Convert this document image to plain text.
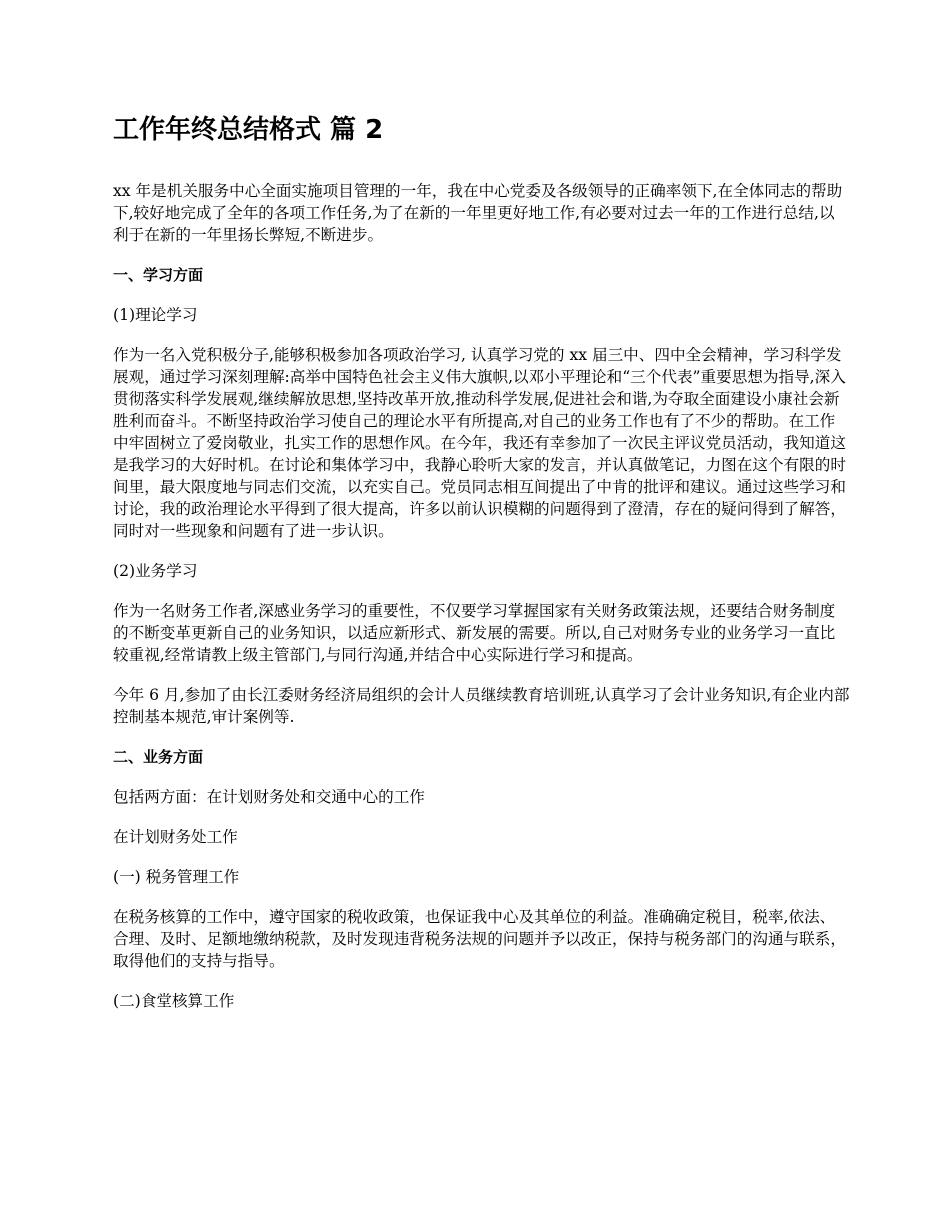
工作年终总结格式 篇 2

xx 年是机关服务中心全面实施项目管理的一年，我在中心党委及各级领导的正确率领下,在全体同志的帮助下,较好地完成了全年的各项工作任务,为了在新的一年里更好地工作,有必要对过去一年的工作进行总结,以利于在新的一年里扬长弊短,不断进步。

一、学习方面

(1)理论学习

作为一名入党积极分子,能够积极参加各项政治学习, 认真学习党的 xx 届三中、四中全会精神，学习科学发展观，通过学习深刻理解:高举中国特色社会主义伟大旗帜,以邓小平理论和“三个代表”重要思想为指导,深入贯彻落实科学发展观,继续解放思想,坚持改革开放,推动科学发展,促进社会和谐,为夺取全面建设小康社会新胜利而奋斗。不断坚持政治学习使自己的理论水平有所提高,对自己的业务工作也有了不少的帮助。在工作中牢固树立了爱岗敬业，扎实工作的思想作风。在今年，我还有幸参加了一次民主评议党员活动，我知道这是我学习的大好时机。在讨论和集体学习中，我静心聆听大家的发言，并认真做笔记，力图在这个有限的时间里，最大限度地与同志们交流，以充实自己。党员同志相互间提出了中肯的批评和建议。通过这些学习和讨论，我的政治理论水平得到了很大提高，许多以前认识模糊的问题得到了澄清，存在的疑问得到了解答，同时对一些现象和问题有了进一步认识。

(2)业务学习

作为一名财务工作者,深感业务学习的重要性，不仅要学习掌握国家有关财务政策法规，还要结合财务制度的不断变革更新自己的业务知识，以适应新形式、新发展的需要。所以,自己对财务专业的业务学习一直比较重视,经常请教上级主管部门,与同行沟通,并结合中心实际进行学习和提高。

今年 6 月,参加了由长江委财务经济局组织的会计人员继续教育培训班,认真学习了会计业务知识,有企业内部控制基本规范,审计案例等.

二、业务方面

包括两方面：在计划财务处和交通中心的工作

在计划财务处工作

(一) 税务管理工作

在税务核算的工作中，遵守国家的税收政策，也保证我中心及其单位的利益。准确确定税目，税率,依法、合理、及时、足额地缴纳税款，及时发现违背税务法规的问题并予以改正，保持与税务部门的沟通与联系，取得他们的支持与指导。

(二)食堂核算工作
